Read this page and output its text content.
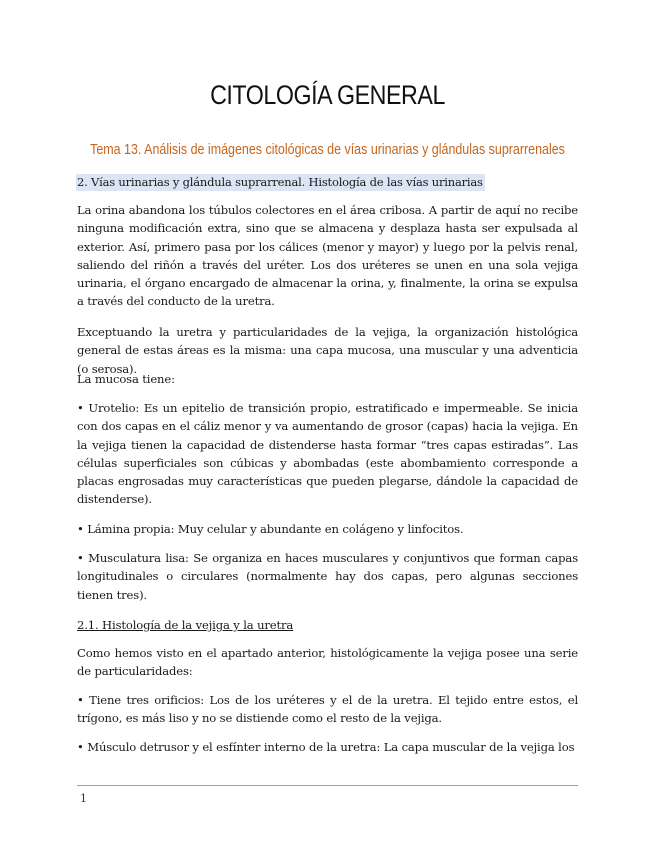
CITOLOGÍA GENERAL
Tema 13. Análisis de imágenes citológicas de vías urinarias y glándulas suprarrenales
2. Vías urinarias y glándula suprarrenal. Histología de las vías urinarias
La orina abandona los túbulos colectores en el área cribosa. A partir de aquí no recibe ninguna modificación extra, sino que se almacena y desplaza hasta ser expulsada al exterior. Así, primero pasa por los cálices (menor y mayor) y luego por la pelvis renal, saliendo del riñón a través del uréter. Los dos uréteres se unen en una sola vejiga urinaria, el órgano encargado de almacenar la orina, y, finalmente, la orina se expulsa a través del conducto de la uretra.
Exceptuando la uretra y particularidades de la vejiga, la organización histológica general de estas áreas es la misma: una capa mucosa, una muscular y una adventicia (o serosa).
La mucosa tiene:
• Urotelio: Es un epitelio de transición propio, estratificado e impermeable. Se inicia con dos capas en el cáliz menor y va aumentando de grosor (capas) hacia la vejiga. En la vejiga tienen la capacidad de distenderse hasta formar “tres capas estiradas”. Las células superficiales son cúbicas y abombadas (este abombamiento corresponde a placas engrosadas muy características que pueden plegarse, dándole la capacidad de distenderse).
• Lámina propia: Muy celular y abundante en colágeno y linfocitos.
• Musculatura lisa: Se organiza en haces musculares y conjuntivos que forman capas longitudinales o circulares (normalmente hay dos capas, pero algunas secciones tienen tres).
2.1. Histología de la vejiga y la uretra
Como hemos visto en el apartado anterior, histológicamente la vejiga posee una serie de particularidades:
• Tiene tres orificios: Los de los uréteres y el de la uretra. El tejido entre estos, el trígono, es más liso y no se distiende como el resto de la vejiga.
• Músculo detrusor y el esfínter interno de la uretra: La capa muscular de la vejiga los
1
